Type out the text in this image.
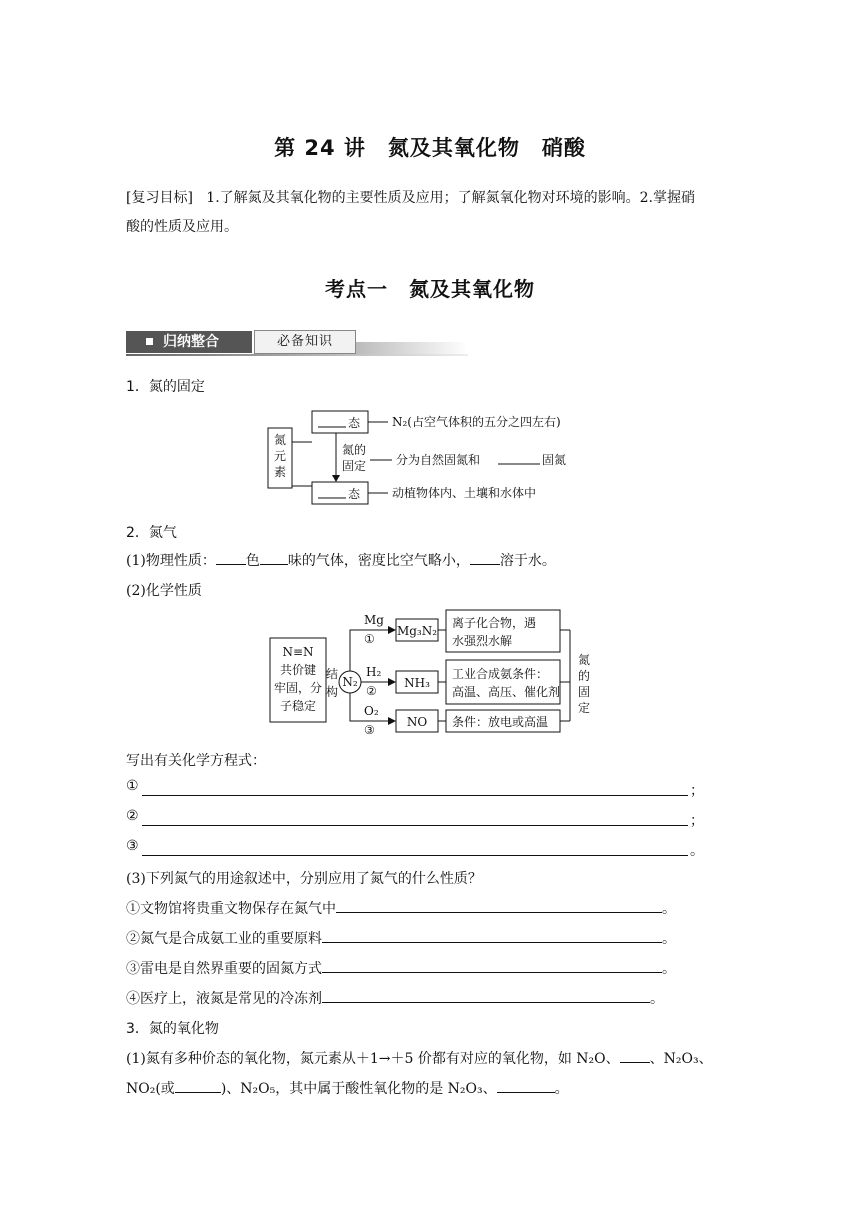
第 24 讲　氮及其氧化物　硝酸
[复习目标] 1.了解氮及其氧化物的主要性质及应用；了解氮氧化物对环境的影响。2.掌握硝
酸的性质及应用。
考点一　氮及其氧化物
归纳整合	必备知识
1．氮的固定
氮
元
素
态
态
氮的
固定
N₂(占空气体积的五分之四左右)
分为自然固氮和	固氮
动植物体内、土壤和水体中
2．氮气
(1)物理性质： 色 味的气体，密度比空气略小， 溶于水。
(2)化学性质
N≡N
共价键
牢固，分
子稳定
结
构
N₂
Mg
①
H₂
②
O₂
③
Mg₃N₂
NH₃
NO
离子化合物，遇
水强烈水解
工业合成氨条件：
高温、高压、催化剂
条件：放电或高温
氮
的
固
定
写出有关化学方程式：
①	；
②	；
③	。
(3)下列氮气的用途叙述中，分别应用了氮气的什么性质？
①文物馆将贵重文物保存在氮气中	。
②氮气是合成氨工业的重要原料	。
③雷电是自然界重要的固氮方式	。
④医疗上，液氮是常见的冷冻剂	。
3．氮的氧化物
(1)氮有多种价态的氧化物，氮元素从＋1→＋5 价都有对应的氧化物，如 N₂O、 、N₂O₃、
NO₂(或	)、N₂O₅，其中属于酸性氧化物的是 N₂O₃、	。
